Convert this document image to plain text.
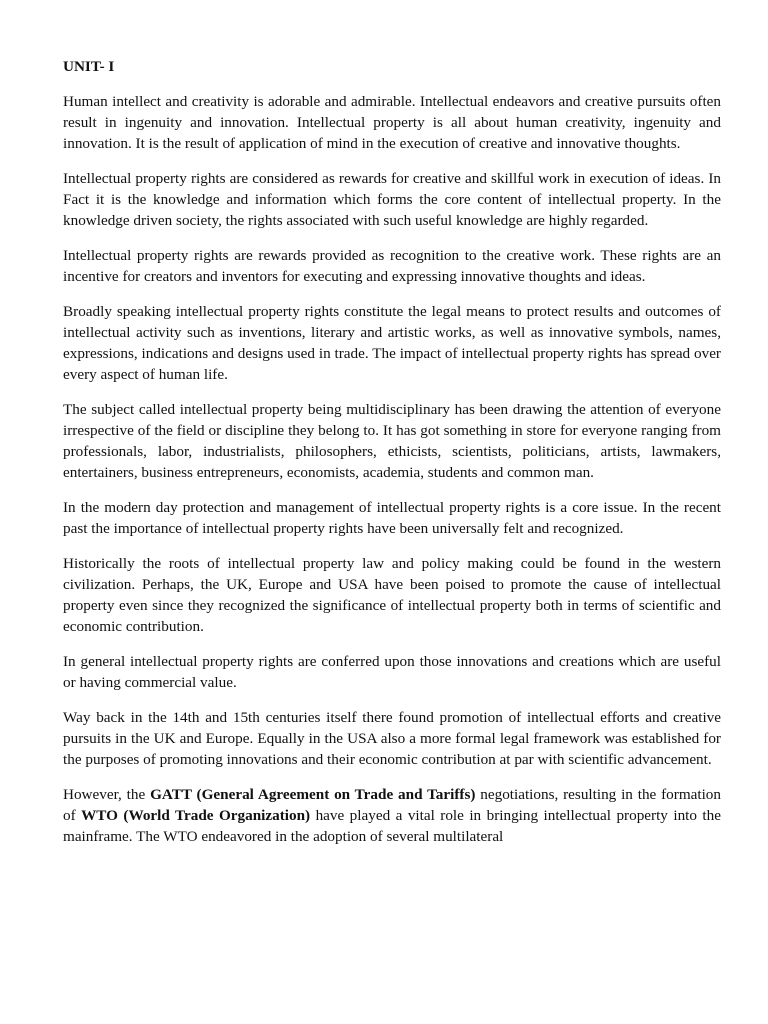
UNIT- I

Human intellect and creativity is adorable and admirable. Intellectual endeavors and creative pursuits often result in ingenuity and innovation. Intellectual property is all about human creativity, ingenuity and innovation. It is the result of application of mind in the execution of creative and innovative thoughts.

Intellectual property rights are considered as rewards for creative and skillful work in execution of ideas. In Fact it is the knowledge and information which forms the core content of intellectual property. In the knowledge driven society, the rights associated with such useful knowledge are highly regarded.

Intellectual property rights are rewards provided as recognition to the creative work. These rights are an incentive for creators and inventors for executing and expressing innovative thoughts and ideas.

Broadly speaking intellectual property rights constitute the legal means to protect results and outcomes of intellectual activity such as inventions, literary and artistic works, as well as innovative symbols, names, expressions, indications and designs used in trade. The impact of intellectual property rights has spread over every aspect of human life.

The subject called intellectual property being multidisciplinary has been drawing the attention of everyone irrespective of the field or discipline they belong to. It has got something in store for everyone ranging from professionals, labor, industrialists, philosophers, ethicists, scientists, politicians, artists, lawmakers, entertainers, business entrepreneurs, economists, academia, students and common man.

In the modern day protection and management of intellectual property rights is a core issue. In the recent past the importance of intellectual property rights have been universally felt and recognized.

Historically the roots of intellectual property law and policy making could be found in the western civilization. Perhaps, the UK, Europe and USA have been poised to promote the cause of intellectual property even since they recognized the significance of intellectual property both in terms of scientific and economic contribution.

In general intellectual property rights are conferred upon those innovations and creations which are useful or having commercial value.

Way back in the 14th and 15th centuries itself there found promotion of intellectual efforts and creative pursuits in the UK and Europe. Equally in the USA also a more formal legal framework was established for the purposes of promoting innovations and their economic contribution at par with scientific advancement.

However, the GATT (General Agreement on Trade and Tariffs) negotiations, resulting in the formation of WTO (World Trade Organization) have played a vital role in bringing intellectual property into the mainframe. The WTO endeavored in the adoption of several multilateral
